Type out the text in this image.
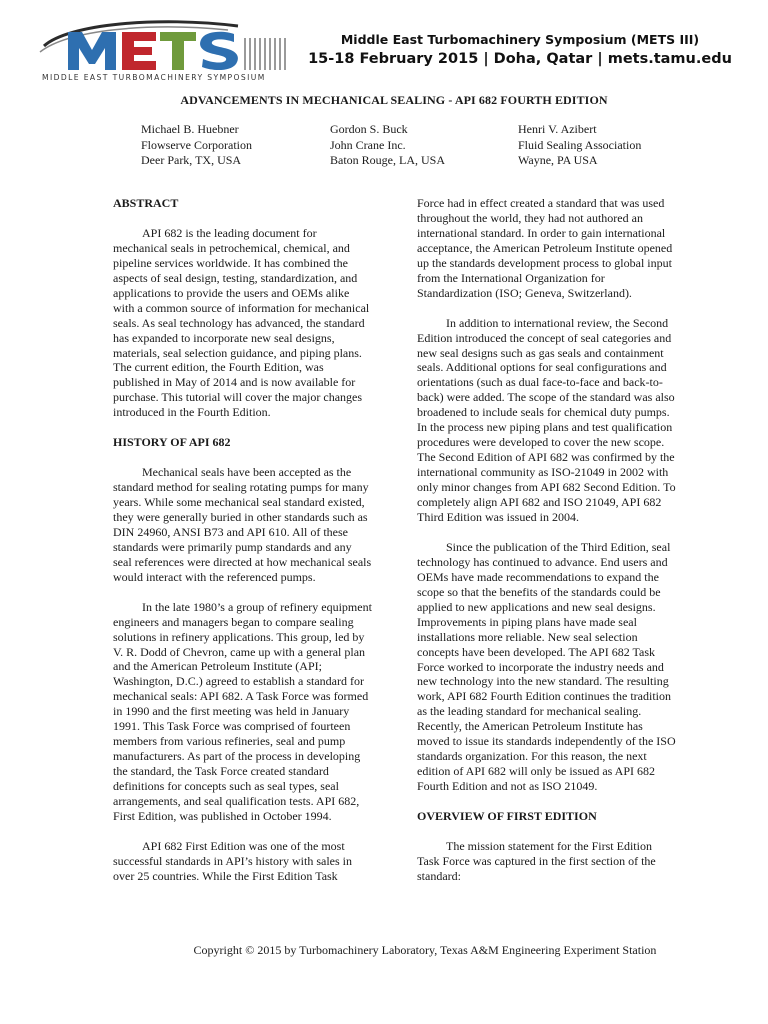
MIDDLE EAST TURBOMACHINERY SYMPOSIUM
Middle East Turbomachinery Symposium (METS III)
15-18 February 2015 | Doha, Qatar | mets.tamu.edu
ADVANCEMENTS IN MECHANICAL SEALING - API 682 FOURTH EDITION
Michael B. Huebner
Flowserve Corporation
Deer Park, TX, USA
Gordon S. Buck
John Crane Inc.
Baton Rouge, LA, USA
Henri V. Azibert
Fluid Sealing Association
Wayne, PA USA
ABSTRACT
API 682 is the leading document for mechanical seals in petrochemical, chemical, and pipeline services worldwide. It has combined the aspects of seal design, testing, standardization, and applications to provide the users and OEMs alike with a common source of information for mechanical seals. As seal technology has advanced, the standard has expanded to incorporate new seal designs, materials, seal selection guidance, and piping plans. The current edition, the Fourth Edition, was published in May of 2014 and is now available for purchase. This tutorial will cover the major changes introduced in the Fourth Edition.
HISTORY OF API 682
Mechanical seals have been accepted as the standard method for sealing rotating pumps for many years. While some mechanical seal standard existed, they were generally buried in other standards such as DIN 24960, ANSI B73 and API 610. All of these standards were primarily pump standards and any seal references were directed at how mechanical seals would interact with the referenced pumps.
In the late 1980’s a group of refinery equipment engineers and managers began to compare sealing solutions in refinery applications. This group, led by V. R. Dodd of Chevron, came up with a general plan and the American Petroleum Institute (API; Washington, D.C.) agreed to establish a standard for mechanical seals: API 682. A Task Force was formed in 1990 and the first meeting was held in January 1991. This Task Force was comprised of fourteen members from various refineries, seal and pump manufacturers. As part of the process in developing the standard, the Task Force created standard definitions for concepts such as seal types, seal arrangements, and seal qualification tests. API 682, First Edition, was published in October 1994.
API 682 First Edition was one of the most successful standards in API’s history with sales in over 25 countries. While the First Edition Task
Force had in effect created a standard that was used throughout the world, they had not authored an international standard. In order to gain international acceptance, the American Petroleum Institute opened up the standards development process to global input from the International Organization for Standardization (ISO; Geneva, Switzerland).
In addition to international review, the Second Edition introduced the concept of seal categories and new seal designs such as gas seals and containment seals. Additional options for seal configurations and orientations (such as dual face-to-face and back-to-back) were added. The scope of the standard was also broadened to include seals for chemical duty pumps. In the process new piping plans and test qualification procedures were developed to cover the new scope. The Second Edition of API 682 was confirmed by the international community as ISO-21049 in 2002 with only minor changes from API 682 Second Edition. To completely align API 682 and ISO 21049, API 682 Third Edition was issued in 2004.
Since the publication of the Third Edition, seal technology has continued to advance. End users and OEMs have made recommendations to expand the scope so that the benefits of the standards could be applied to new applications and new seal designs. Improvements in piping plans have made seal installations more reliable. New seal selection concepts have been developed. The API 682 Task Force worked to incorporate the industry needs and new technology into the new standard. The resulting work, API 682 Fourth Edition continues the tradition as the leading standard for mechanical sealing. Recently, the American Petroleum Institute has moved to issue its standards independently of the ISO standards organization. For this reason, the next edition of API 682 will only be issued as API 682 Fourth Edition and not as ISO 21049.
OVERVIEW OF FIRST EDITION
The mission statement for the First Edition Task Force was captured in the first section of the standard:
Copyright © 2015 by Turbomachinery Laboratory, Texas A&M Engineering Experiment Station
